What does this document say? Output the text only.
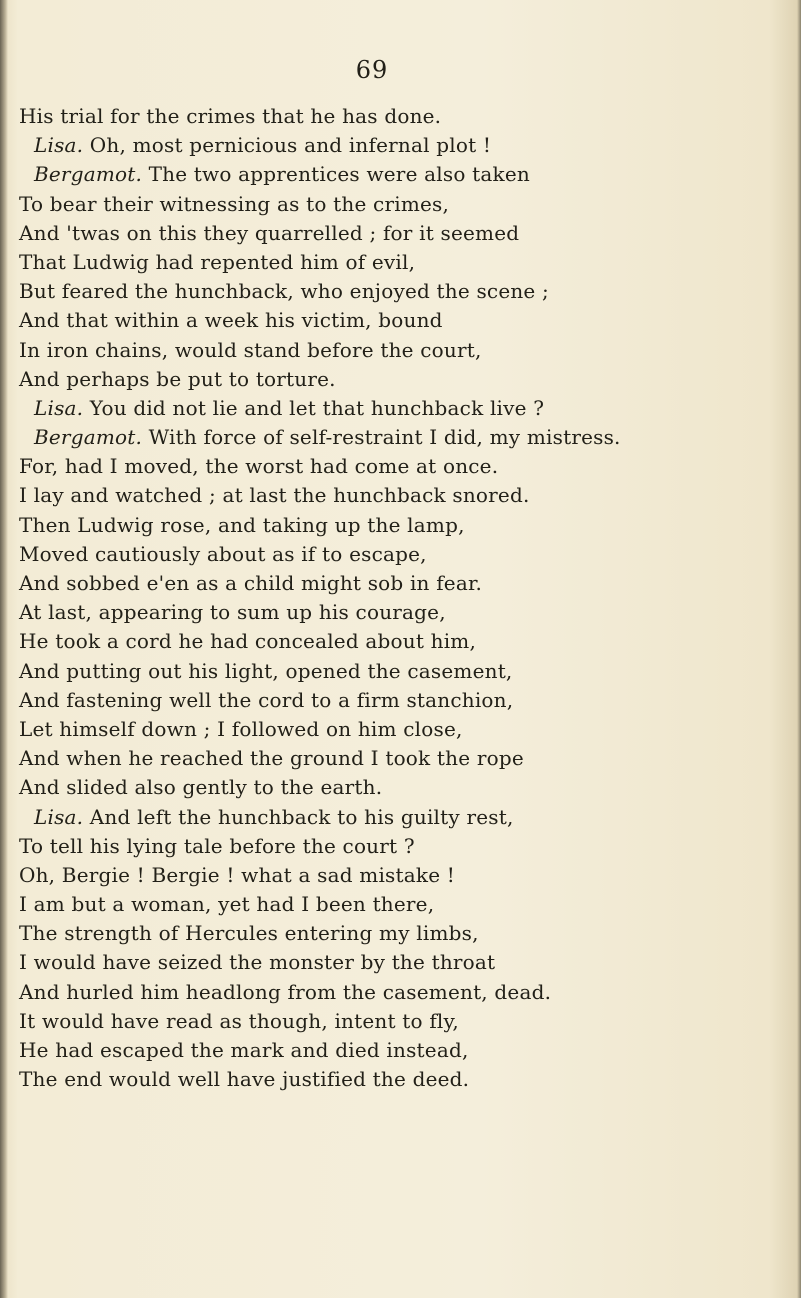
69
His trial for the crimes that he has done.
Lisa. Oh, most pernicious and infernal plot !
Bergamot. The two apprentices were also taken
To bear their witnessing as to the crimes,
And 'twas on this they quarrelled ; for it seemed
That Ludwig had repented him of evil,
But feared the hunchback, who enjoyed the scene ;
And that within a week his victim, bound
In iron chains, would stand before the court,
And perhaps be put to torture.
Lisa. You did not lie and let that hunchback live ?
Bergamot. With force of self-restraint I did, my mistress.
For, had I moved, the worst had come at once.
I lay and watched ; at last the hunchback snored.
Then Ludwig rose, and taking up the lamp,
Moved cautiously about as if to escape,
And sobbed e'en as a child might sob in fear.
At last, appearing to sum up his courage,
He took a cord he had concealed about him,
And putting out his light, opened the casement,
And fastening well the cord to a firm stanchion,
Let himself down ; I followed on him close,
And when he reached the ground I took the rope
And slided also gently to the earth.
Lisa. And left the hunchback to his guilty rest,
To tell his lying tale before the court ?
Oh, Bergie ! Bergie ! what a sad mistake !
I am but a woman, yet had I been there,
The strength of Hercules entering my limbs,
I would have seized the monster by the throat
And hurled him headlong from the casement, dead.
It would have read as though, intent to fly,
He had escaped the mark and died instead,
The end would well have justified the deed.
